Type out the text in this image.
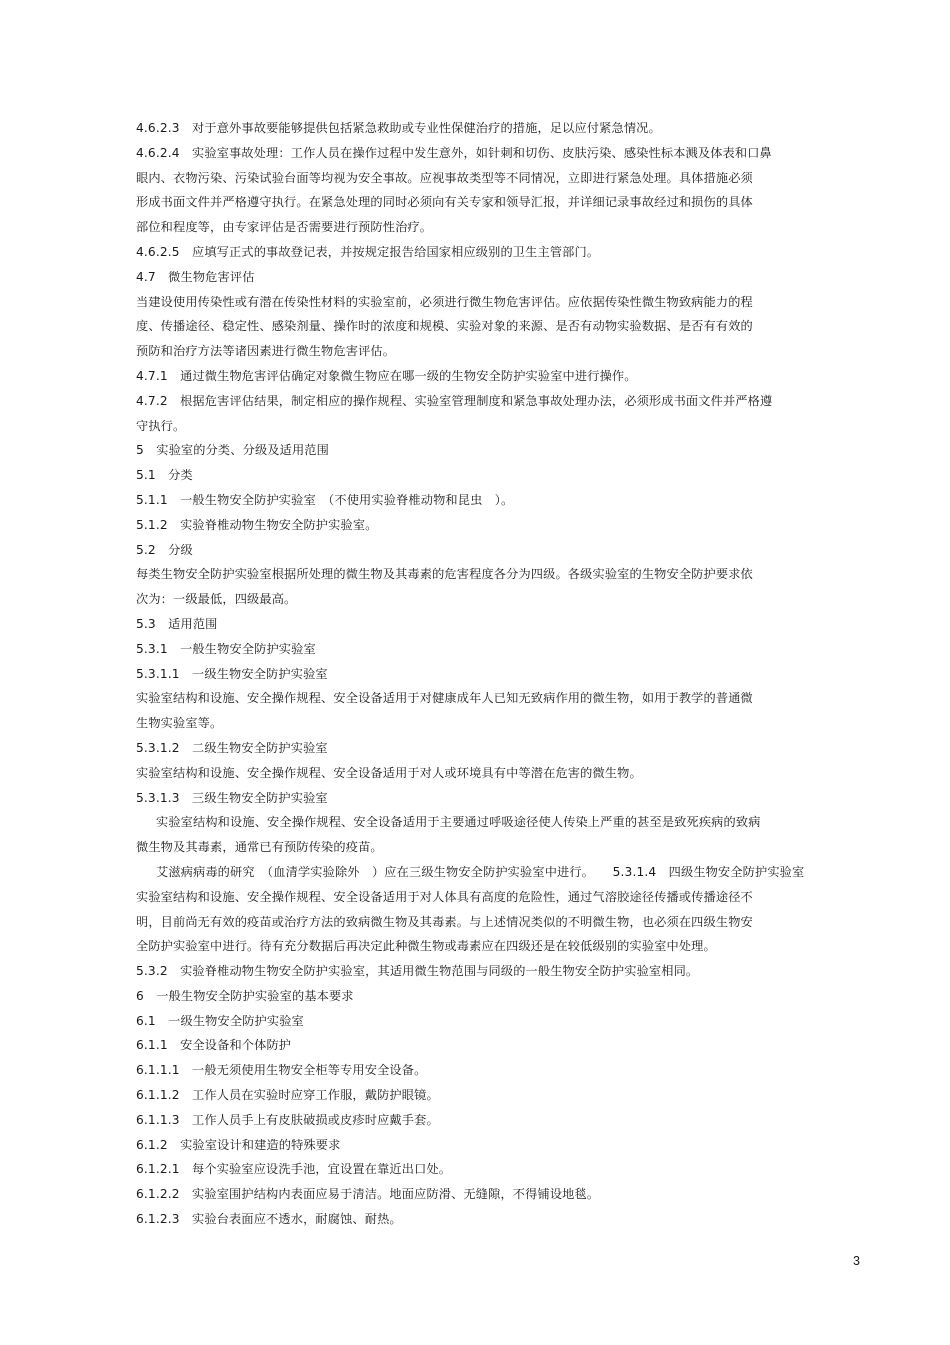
4.6.2.3　对于意外事故要能够提供包括紧急救助或专业性保健治疗的措施，足以应付紧急情况。
4.6.2.4　实验室事故处理：工作人员在操作过程中发生意外，如针刺和切伤、皮肤污染、感染性标本溅及体表和口鼻
眼内、衣物污染、污染试验台面等均视为安全事故。应视事故类型等不同情况，立即进行紧急处理。具体措施必须
形成书面文件并严格遵守执行。在紧急处理的同时必须向有关专家和领导汇报，并详细记录事故经过和损伤的具体
部位和程度等，由专家评估是否需要进行预防性治疗。
4.6.2.5　应填写正式的事故登记表，并按规定报告给国家相应级别的卫生主管部门。
4.7　微生物危害评估
当建设使用传染性或有潜在传染性材料的实验室前，必须进行微生物危害评估。应依据传染性微生物致病能力的程
度、传播途径、稳定性、感染剂量、操作时的浓度和规模、实验对象的来源、是否有动物实验数据、是否有有效的
预防和治疗方法等诸因素进行微生物危害评估。
4.7.1　通过微生物危害评估确定对象微生物应在哪一级的生物安全防护实验室中进行操作。
4.7.2　根据危害评估结果，制定相应的操作规程、实验室管理制度和紧急事故处理办法，必须形成书面文件并严格遵
守执行。
5　实验室的分类、分级及适用范围
5.1　分类
5.1.1　一般生物安全防护实验室　（不使用实验脊椎动物和昆虫　）。
5.1.2　实验脊椎动物生物安全防护实验室。
5.2　分级
每类生物安全防护实验室根据所处理的微生物及其毒素的危害程度各分为四级。各级实验室的生物安全防护要求依
次为：一级最低，四级最高。
5.3　适用范围
5.3.1　一般生物安全防护实验室
5.3.1.1　一级生物安全防护实验室
实验室结构和设施、安全操作规程、安全设备适用于对健康成年人已知无致病作用的微生物，如用于教学的普通微
生物实验室等。
5.3.1.2　二级生物安全防护实验室
实验室结构和设施、安全操作规程、安全设备适用于对人或环境具有中等潜在危害的微生物。
5.3.1.3　三级生物安全防护实验室
实验室结构和设施、安全操作规程、安全设备适用于主要通过呼吸途径使人传染上严重的甚至是致死疾病的致病
微生物及其毒素，通常已有预防传染的疫苗。
艾滋病病毒的研究　（血清学实验除外　）应在三级生物安全防护实验室中进行。　　5.3.1.4　四级生物安全防护实验室
实验室结构和设施、安全操作规程、安全设备适用于对人体具有高度的危险性，通过气溶胶途径传播或传播途径不
明，目前尚无有效的疫苗或治疗方法的致病微生物及其毒素。与上述情况类似的不明微生物，也必须在四级生物安
全防护实验室中进行。待有充分数据后再决定此种微生物或毒素应在四级还是在较低级别的实验室中处理。
5.3.2　实验脊椎动物生物安全防护实验室，其适用微生物范围与同级的一般生物安全防护实验室相同。
6　一般生物安全防护实验室的基本要求
6.1　一级生物安全防护实验室
6.1.1　安全设备和个体防护
6.1.1.1　一般无须使用生物安全柜等专用安全设备。
6.1.1.2　工作人员在实验时应穿工作服，戴防护眼镜。
6.1.1.3　工作人员手上有皮肤破损或皮疹时应戴手套。
6.1.2　实验室设计和建造的特殊要求
6.1.2.1　每个实验室应设洗手池，宜设置在靠近出口处。
6.1.2.2　实验室围护结构内表面应易于清洁。地面应防滑、无缝隙，不得铺设地毯。
6.1.2.3　实验台表面应不透水，耐腐蚀、耐热。
3
